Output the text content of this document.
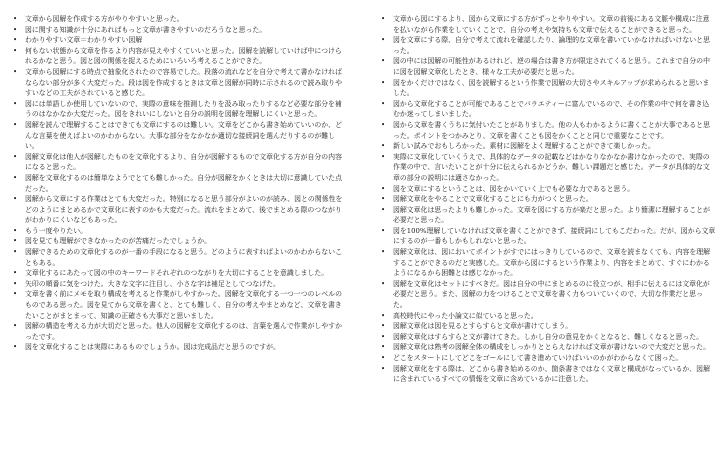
• 文章から図解を作成する方がやりやすいと思った。
• 図に関する知識が十分にあればもっと文章が書きやすいのだろうなと思った。
• わかりやすい文章＝わかりやすい図解
• 何もない状態から文章を作るより内容が見えやすくていいと思った。図解を読解していけば中につけられるかなと思う。図と図の関係を捉えるためにいろいろ考えることができた。
• 文章から図解にする時点で抽象化されたので容易でした。段落の流れなどを自分で考えて書かなければならない部分が多く大変だった。段は図を作成するときは文章と図解が同時に示されるので読み取りやすいなどの工夫がされていると感じた。
• 図には単語しか使用していないので、実際の意味を推測したりを汲み取ったりするなど必要な部分を補うのはなかなか大変だった。図をきれいにしないと自分の説明を図解を理解しにくいと思った。
• 図解を読んで理解することはできても文章にするのは難しい。文章をどこから書き始めていいのか、どんな言葉を使えばよいのかわからない。大事な部分をなかなか適切な接続詞を選んだりするのが難しい。
• 図解文章化は他人が図解したものを文章化するより、自分が図解するもので文章化する方が自分の内容になると思った。
• 図解を文章化するのは簡単なようでとても難しかった。自分が図解をかくときは大切に意識していた点だった。
• 図解から文章にする作業はとても大変だった。特別になると思う部分がよいのが読み、図との関係性をどのようにまとめるかで文章化に表すのかも大変だった。流れをまとめて、後でまとめる際のつながりがわかりにくいなどもあった。
• もう一度やりたい。
• 図を見ても理解ができなかったのが苦痛だったでしょうか。
• 図解できるための文章化するのが一番の手段になると思う。どのように表すればよいのかわからないこともある。
• 文章化するにあたって図の中のキーワードそれぞれのつながりを大切にすることを意識しました。
• 矢印の順番に気をつけた。大きな文字に注目し、小さな字は補足としてつなげた。
• 文章を書く前にメモを取り構成を考えると作業がしやすかった。図解を文章化する一つ一つのレベルのものである思った。図を見てから文章を書くと、とても難しく、自分の考えやまとめなど、文章を書きたいことがまとまって、知識の正確さも大事だと思いました。
• 図解の構造を考える力が大切だと思った。他人の図解を文章化するのは、言葉を選んで作業がしやすかったです。
• 図を文章化することは実際にあるものでしょうか。図は完成品だと思うのですが。
• 文章から図にするより、図から文章にする方がずっとやりやすい。文章の前後にある文脈や構成に注意を払いながら作業をしていくことで、自分の考えや気持ちも文章で伝えることができると思った。
• 図を文章にする際、自分で考えて流れを確認したり、論理的な文章を書いていかなければいけないと思った。
• 図の中には図解の可能性があるけれど、逆の場合は書き方が限定されてくると思う。これまで自分の中に図を図解文章化したとき、様々な工夫が必要だと思った。
• 図をかくだけではなく、図を読解するという作業で図解の大切さやスキルアップが求められると思いました。
• 図から文章化することが可能であることでバラエティーに富んでいるので、その作業の中で何を書き込むか迷ってしまいました。
• 図から文章を書くうちに気付いたことがありました。他の人もわかるように書くことが大事であると思った。ポイントをつかみとり、文章を書くことも図をかくことと同じで重要なことです。
• 新しい試みでおもしろかった。素材に図解をよく理解することができて楽しかった。
• 実際に文章化していくうえで、具体的なデータの記載などはかなりなかなか書けなかったので、実際の作業の中で、言いたいことが十分に伝えられるかどうか、難しい課題だと感じた。データが具体的な文章の部分の説明には適さなかった。
• 図を文章にするということは、図をかいていく上でも必要な力であると思う。
• 図解文章化をやることで文章化することにも力がつくと思った。
• 図解文章化は思ったよりも難しかった。文章を図にする方が楽だと思った。より簡潔に理解することが必要だと思った。
• 図を100%理解していなければ文章を書くことができず、接続詞にしてもこだわった。だが、図から文章にするのが一番もしかもしれないと思った。
• 図解文章化は、図においてポイントがすでにはっきりしているので、文章を読まなくても、内容を理解することができるのだと実感した。文章から図にするという作業より、内容をまとめて、すぐにわかるようになるから困難とは感じなかった。
• 図解を文章化はセットにすべきだ。図は自分の中にまとめるのに役立つが、相手に伝えるには文章化が必要だと思う。また、図解の力をつけることで文章を書く力もついていくので、大切な作業だと思った。
• 高校時代にやった小論文に似ていると思った。
• 図解文章化は図を見るとすらすらと文章が書けてしまう。
• 図解文章化はすらすらと文が書けてきた。しかし自分の意見をかくとなると、難しくなると思った。
• 図解文章化は熟考の図解全体の構成をしっかりととらえなければ文章が書けないので大変だと思った。
• どこをスタートにしてどこをゴールにして書き進めていけばいいのかがわからなくて困った。
• 図解文章化をする際は、どこから書き始めるのか、箇条書きではなく文章と構成がなっているか、図解に含まれているすべての情報を文章に含めているかに注意した。
